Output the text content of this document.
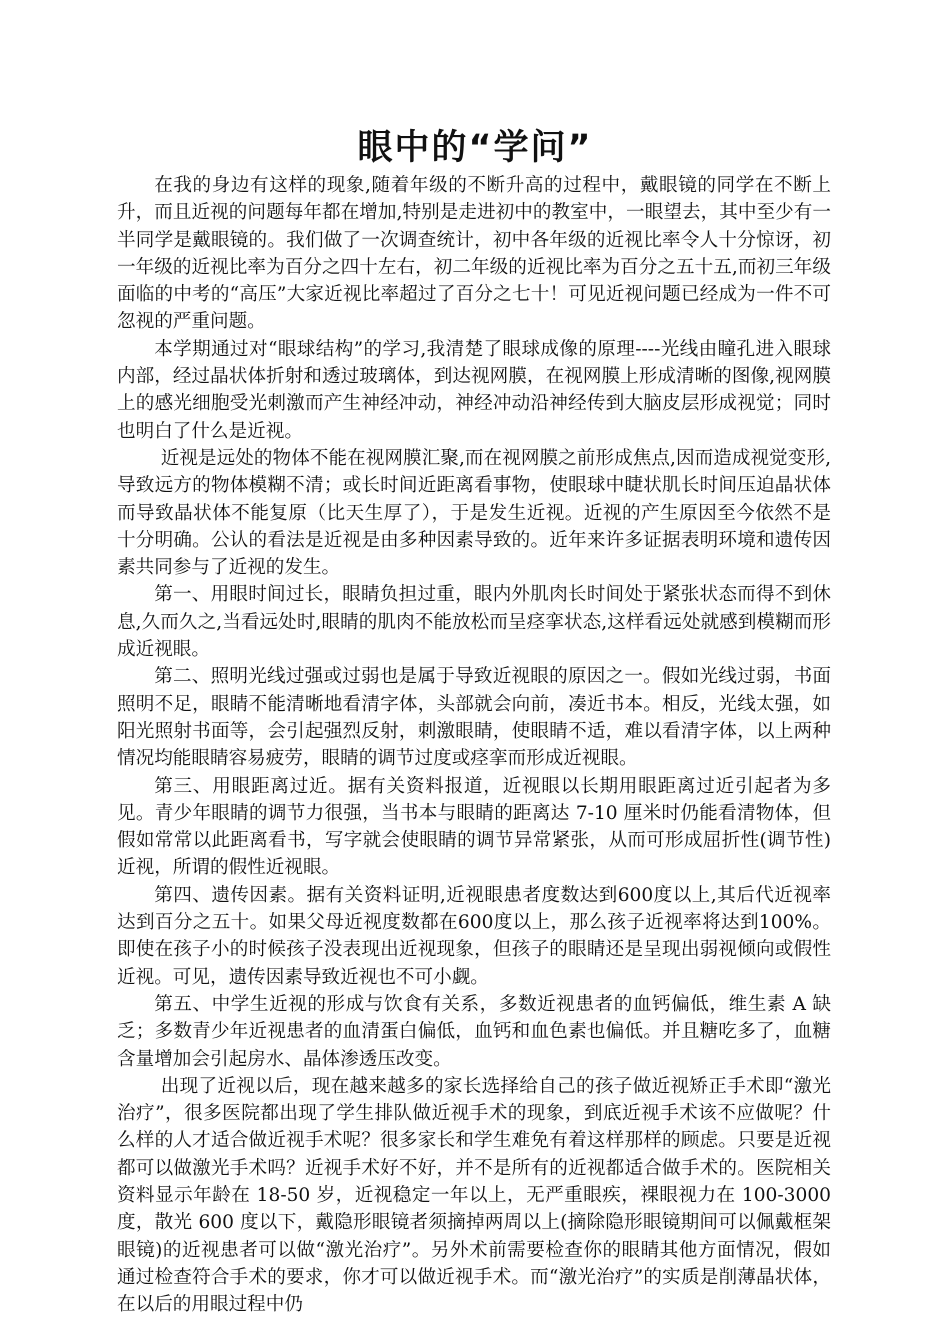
眼中的“学问”

在我的身边有这样的现象,随着年级的不断升高的过程中，戴眼镜的同学在不断上升，而且近视的问题每年都在增加,特别是走进初中的教室中，一眼望去，其中至少有一半同学是戴眼镜的。我们做了一次调查统计，初中各年级的近视比率令人十分惊讶，初一年级的近视比率为百分之四十左右，初二年级的近视比率为百分之五十五,而初三年级面临的中考的“高压”大家近视比率超过了百分之七十！可见近视问题已经成为一件不可忽视的严重问题。

本学期通过对“眼球结构”的学习,我清楚了眼球成像的原理----光线由瞳孔进入眼球内部，经过晶状体折射和透过玻璃体，到达视网膜，在视网膜上形成清晰的图像,视网膜上的感光细胞受光刺激而产生神经冲动，神经冲动沿神经传到大脑皮层形成视觉；同时也明白了什么是近视。

近视是远处的物体不能在视网膜汇聚,而在视网膜之前形成焦点,因而造成视觉变形,导致远方的物体模糊不清；或长时间近距离看事物，使眼球中睫状肌长时间压迫晶状体而导致晶状体不能复原（比天生厚了），于是发生近视。近视的产生原因至今依然不是十分明确。公认的看法是近视是由多种因素导致的。近年来许多证据表明环境和遗传因素共同参与了近视的发生。

第一、用眼时间过长，眼睛负担过重，眼内外肌肉长时间处于紧张状态而得不到休息,久而久之,当看远处时,眼睛的肌肉不能放松而呈痉挛状态,这样看远处就感到模糊而形成近视眼。

第二、照明光线过强或过弱也是属于导致近视眼的原因之一。假如光线过弱，书面照明不足，眼睛不能清晰地看清字体，头部就会向前，凑近书本。相反，光线太强，如阳光照射书面等，会引起强烈反射，刺激眼睛，使眼睛不适，难以看清字体，以上两种情况均能眼睛容易疲劳，眼睛的调节过度或痉挛而形成近视眼。

第三、用眼距离过近。据有关资料报道，近视眼以长期用眼距离过近引起者为多见。青少年眼睛的调节力很强，当书本与眼睛的距离达 7-10 厘米时仍能看清物体，但假如常常以此距离看书，写字就会使眼睛的调节异常紧张，从而可形成屈折性(调节性)近视，所谓的假性近视眼。

第四、遗传因素。据有关资料证明,近视眼患者度数达到600度以上,其后代近视率达到百分之五十。如果父母近视度数都在600度以上，那么孩子近视率将达到100%。即使在孩子小的时候孩子没表现出近视现象，但孩子的眼睛还是呈现出弱视倾向或假性近视。可见，遗传因素导致近视也不可小觑。

第五、中学生近视的形成与饮食有关系，多数近视患者的血钙偏低，维生素 A 缺乏；多数青少年近视患者的血清蛋白偏低，血钙和血色素也偏低。并且糖吃多了，血糖含量增加会引起房水、晶体渗透压改变。

出现了近视以后，现在越来越多的家长选择给自己的孩子做近视矫正手术即“激光治疗”，很多医院都出现了学生排队做近视手术的现象，到底近视手术该不应做呢？什么样的人才适合做近视手术呢？很多家长和学生难免有着这样那样的顾虑。只要是近视都可以做激光手术吗？近视手术好不好，并不是所有的近视都适合做手术的。医院相关资料显示年龄在 18-50 岁，近视稳定一年以上，无严重眼疾，裸眼视力在 100-3000 度，散光 600 度以下，戴隐形眼镜者须摘掉两周以上(摘除隐形眼镜期间可以佩戴框架眼镜)的近视患者可以做“激光治疗”。另外术前需要检查你的眼睛其他方面情况，假如通过检查符合手术的要求，你才可以做近视手术。而“激光治疗”的实质是削薄晶状体，在以后的用眼过程中仍
